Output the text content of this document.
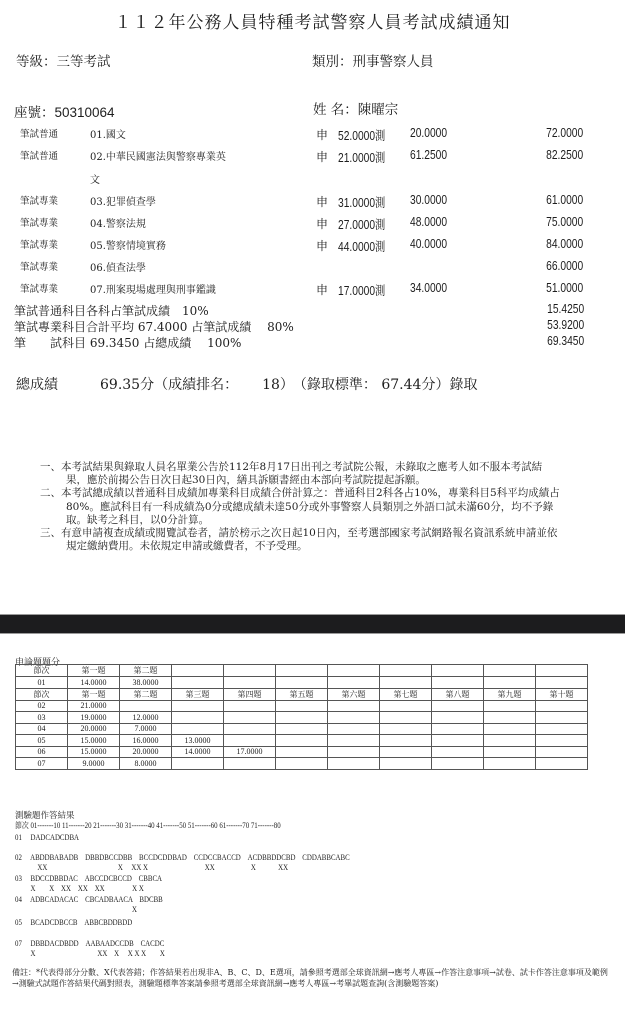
１１２年公務人員特種考試警察人員考試成績通知
等級：三等考試	類別：刑事警察人員
座號：50310064	姓 名：陳曜宗
筆試普通	01.國文	申 52.0000測 20.0000	72.0000
筆試普通	02.中華民國憲法與警察專業英	申 21.0000測 61.2500	82.2500
文
筆試專業	03.犯罪偵查學	申 31.0000測 30.0000	61.0000
筆試專業	04.警察法規	申 27.0000測 48.0000	75.0000
筆試專業	05.警察情境實務	申 44.0000測 40.0000	84.0000
筆試專業	06.偵查法學	66.0000
筆試專業	07.刑案現場處理與刑事鑑識	申 17.0000測 34.0000	51.0000
筆試普通科目各科占筆試成績　10%	15.4250
筆試專業科目合計平均 67.4000 占筆試成績　 80%	53.9200
筆　　試科目 69.3450 占總成績　 100%	69.3450
總成績	69.35分（成績排名： 18） （錄取標準： 67.44分）錄取
一、本考試結果與錄取人員名單業公告於112年8月17日出刊之考試院公報，未錄取之應考人如不服本考試結果，應於前揭公告日次日起30日內，繕具訴願書經由本部向考試院提起訴願。
二、本考試總成績以普通科目成績加專業科目成績合併計算之：普通科目2科各占10%，專業科目5科平均成績占80%。應試科目有一科成績為0分或總成績未達50分或外事警察人員類別之外語口試未滿60分，均不予錄取。缺考之科目，以0分計算。
三、有意申請複查成績或閱覽試卷者，請於榜示之次日起10日內，至考選部國家考試網路報名資訊系統申請並依規定繳納費用。未依規定申請或繳費者，不予受理。
申論題題分
節次	第一題	第二題								
01	14.0000	38.0000								
節次	第一題	第二題	第三題	第四題	第五題	第六題	第七題	第八題	第九題	第十題
02	21.0000									
03	19.0000	12.0000								
04	20.0000	7.0000								
05	15.0000	16.0000	13.0000							
06	15.0000	20.0000	14.0000	17.0000						
07	9.0000	8.0000								
測驗題作答結果
節次 01-------10 11-------20 21-------30 31-------40 41-------50 51-------60 61-------70 71-------80
01　 DADCADCDBA
02　 ABDDBABADB　DBBDBCCDBB　BCCDCDDBAD　CCDCCBACCD　ACDBBDDCBD　CDDABBCABC
　　　 XX　　　　　　　　　　 X　 XX X　　　　　　　　 XX　　　　　 X　　　 XX
03　 BDCCDBBDAC　ABCCDCBCCD　CBBCA
　　 X　　X　XX　XX　XX　　　　X X
04　 ADBCADACAC　CBCADBAACA　BDCBB
　　　　　　　　　　　　　　　　　X
05　 BCADCDBCCB　ABBCBDDBDD
07　 DBBDACDBDD　AABAADCCDB　CACDC
　　 X　　　　　　　　　XX　X　 X X X　　X
備註：*代表得部分分數、X代表答錯；作答結果若出現非A、B、C、D、E選項，請參照考選部全球資訊網→應考人專區→作答注意事項→試卷、試卡作答注意事項及範例→測驗式試題作答結果代碼對照表，測驗題標準答案請參照考選部全球資訊網→應考人專區→考畢試題查詢(含測驗題答案)
